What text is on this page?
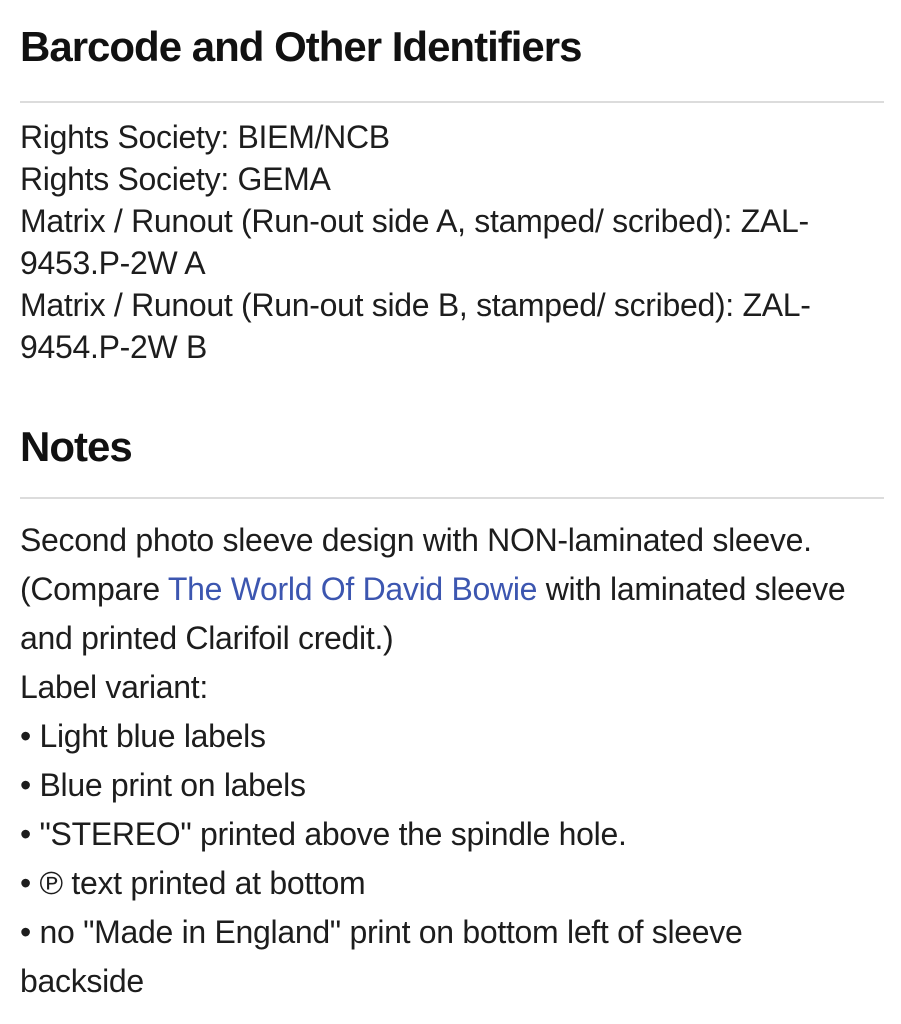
Barcode and Other Identifiers
Rights Society: BIEM/NCB
Rights Society: GEMA
Matrix / Runout (Run-out side A, stamped/ scribed): ZAL-
9453.P-2W A
Matrix / Runout (Run-out side B, stamped/ scribed): ZAL-
9454.P-2W B
Notes
Second photo sleeve design with NON-laminated sleeve.
(Compare The World Of David Bowie with laminated sleeve
and printed Clarifoil credit.)
Label variant:
• Light blue labels
• Blue print on labels
• "STEREO" printed above the spindle hole.
• ℗ text printed at bottom
• no "Made in England" print on bottom left of sleeve
backside
